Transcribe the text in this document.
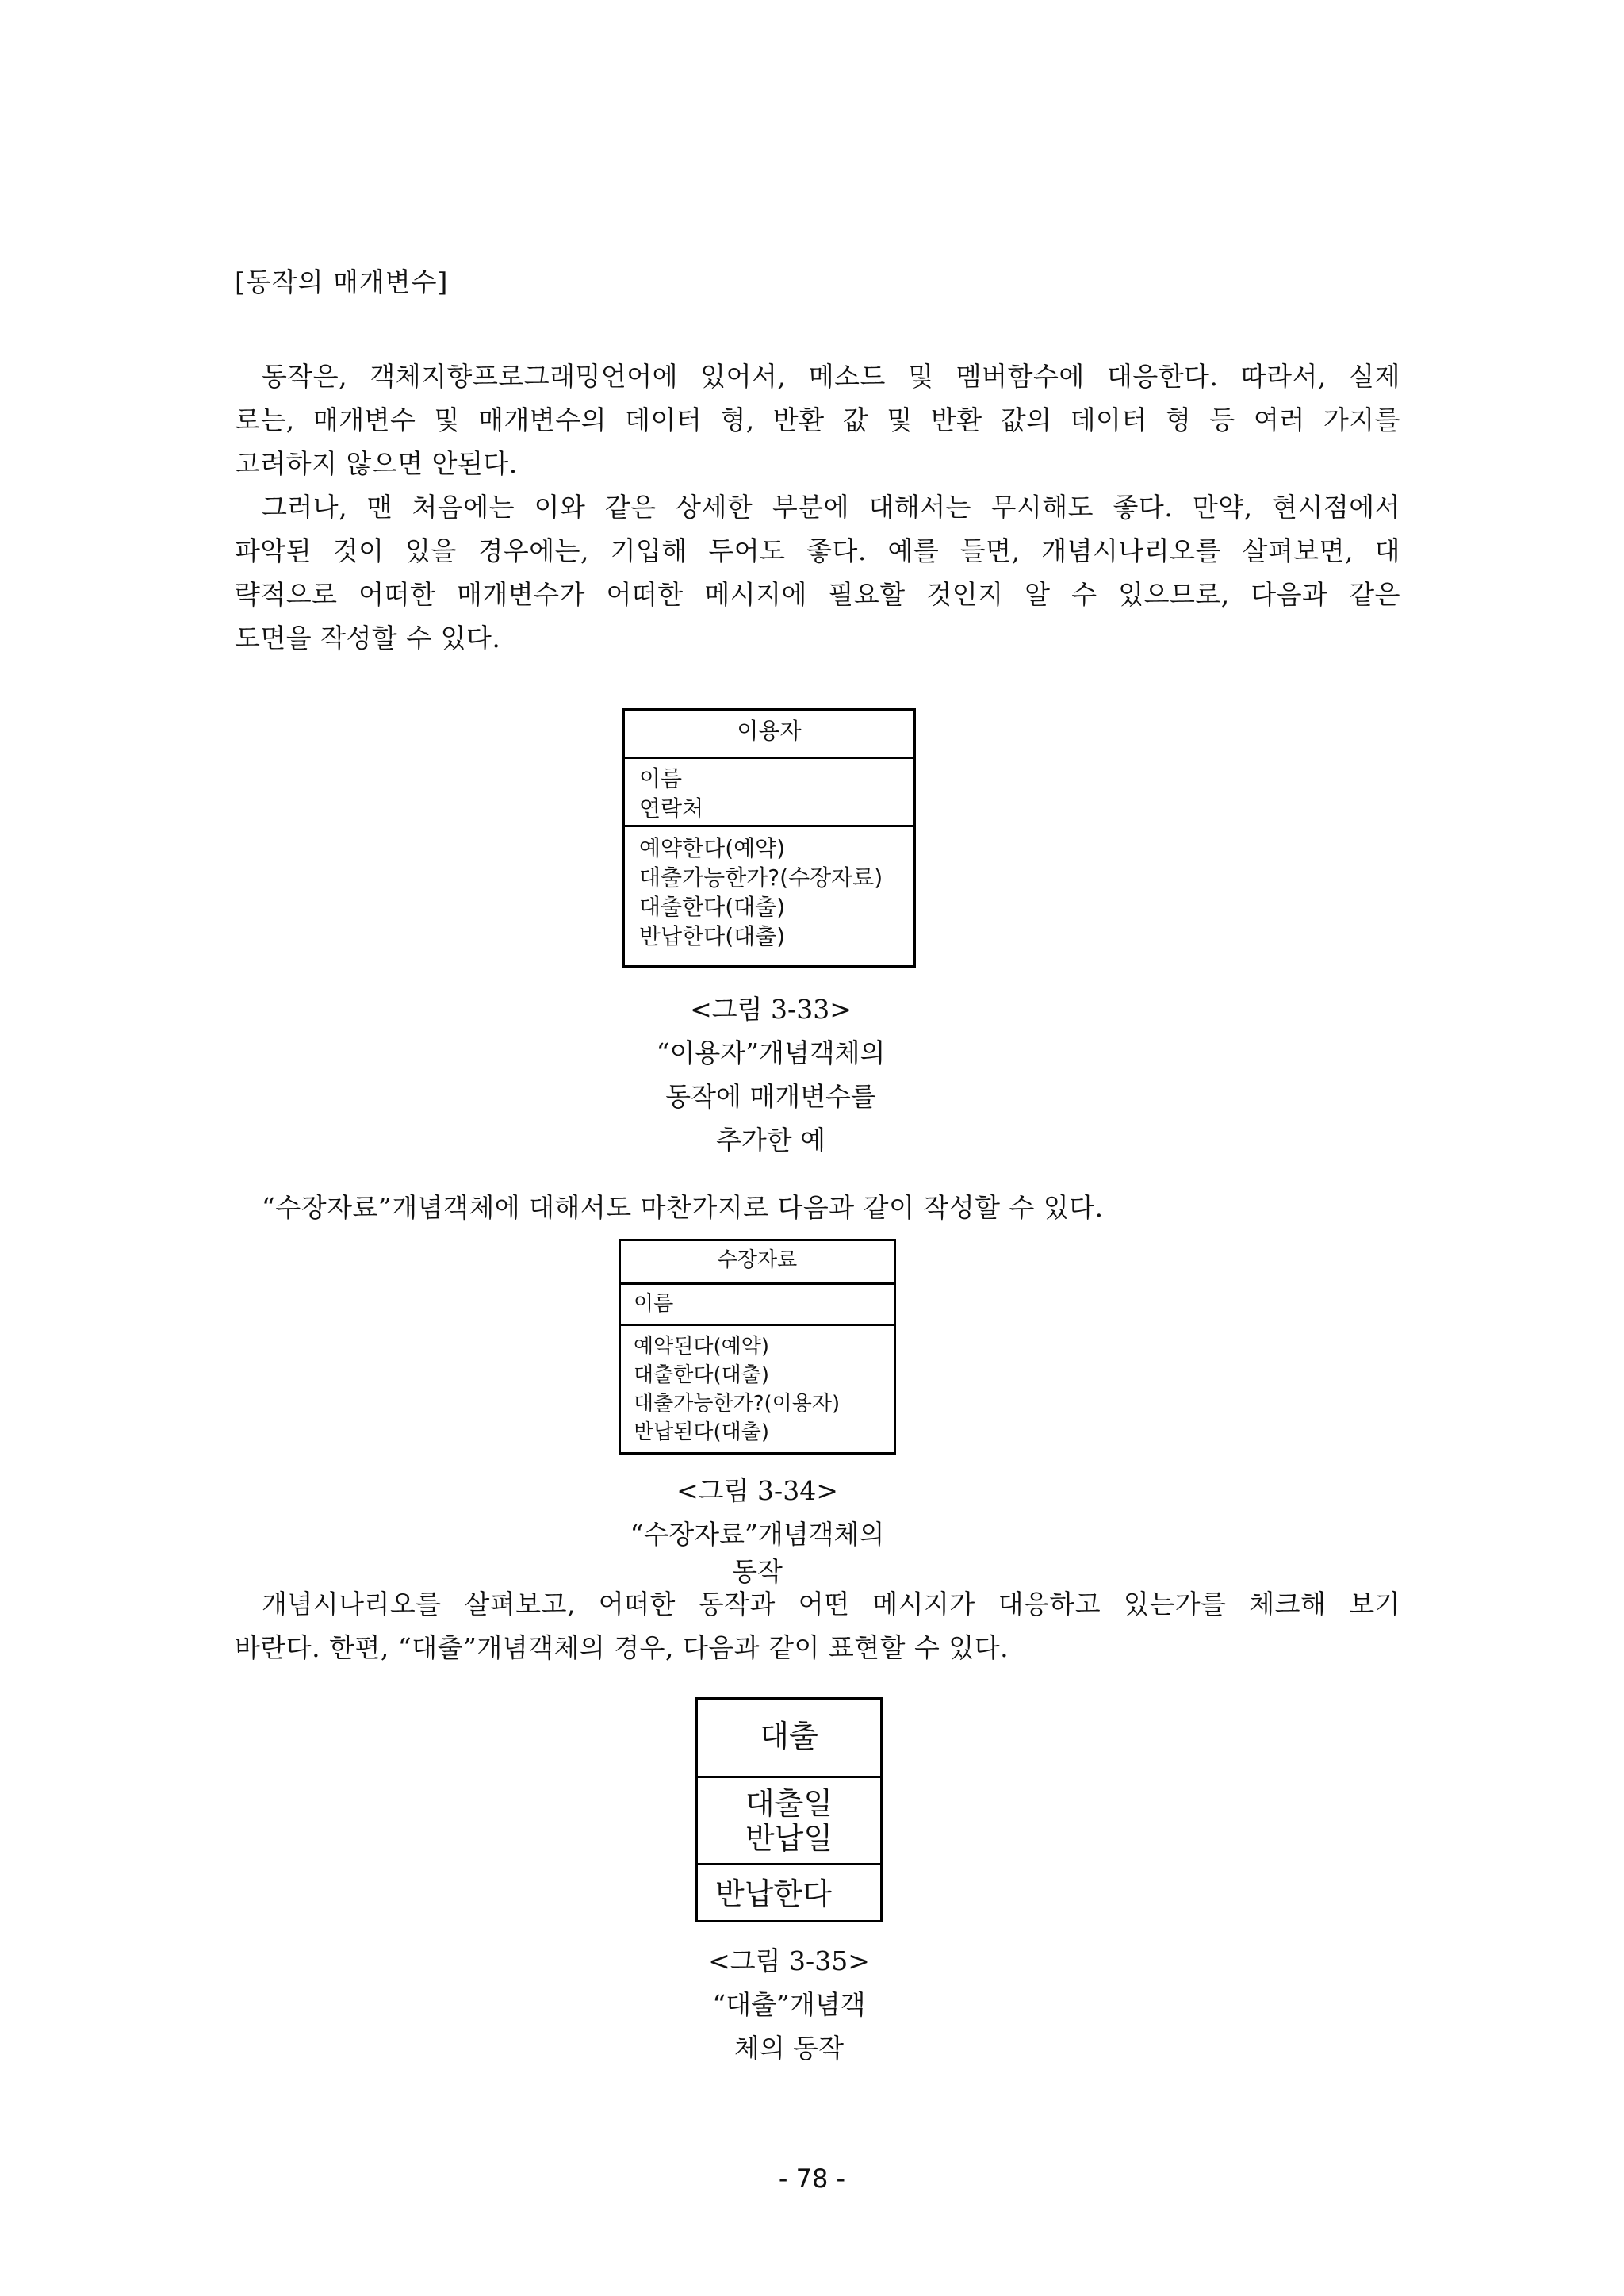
[동작의 매개변수]
동작은, 객체지향프로그래밍언어에 있어서, 메소드 및 멤버함수에 대응한다. 따라서, 실제
로는, 매개변수 및 매개변수의 데이터 형, 반환 값 및 반환 값의 데이터 형 등 여러 가지를
고려하지 않으면 안된다.
그러나, 맨 처음에는 이와 같은 상세한 부분에 대해서는 무시해도 좋다. 만약, 현시점에서
파악된 것이 있을 경우에는, 기입해 두어도 좋다. 예를 들면, 개념시나리오를 살펴보면, 대
략적으로 어떠한 매개변수가 어떠한 메시지에 필요할 것인지 알 수 있으므로, 다음과 같은
도면을 작성할 수 있다.
이용자
이름
연락처
예약한다(예약)
대출가능한가?(수장자료)
대출한다(대출)
반납한다(대출)
<그림 3-33>
“이용자”개념객체의
동작에 매개변수를
추가한 예
“수장자료”개념객체에 대해서도 마찬가지로 다음과 같이 작성할 수 있다.
수장자료
이름
예약된다(예약)
대출한다(대출)
대출가능한가?(이용자)
반납된다(대출)
<그림 3-34>
“수장자료”개념객체의
동작
개념시나리오를 살펴보고, 어떠한 동작과 어떤 메시지가 대응하고 있는가를 체크해 보기
바란다. 한편, “대출”개념객체의 경우, 다음과 같이 표현할 수 있다.
대출
대출일
반납일
반납한다
<그림 3-35>
“대출”개념객
체의 동작
- 78 -
